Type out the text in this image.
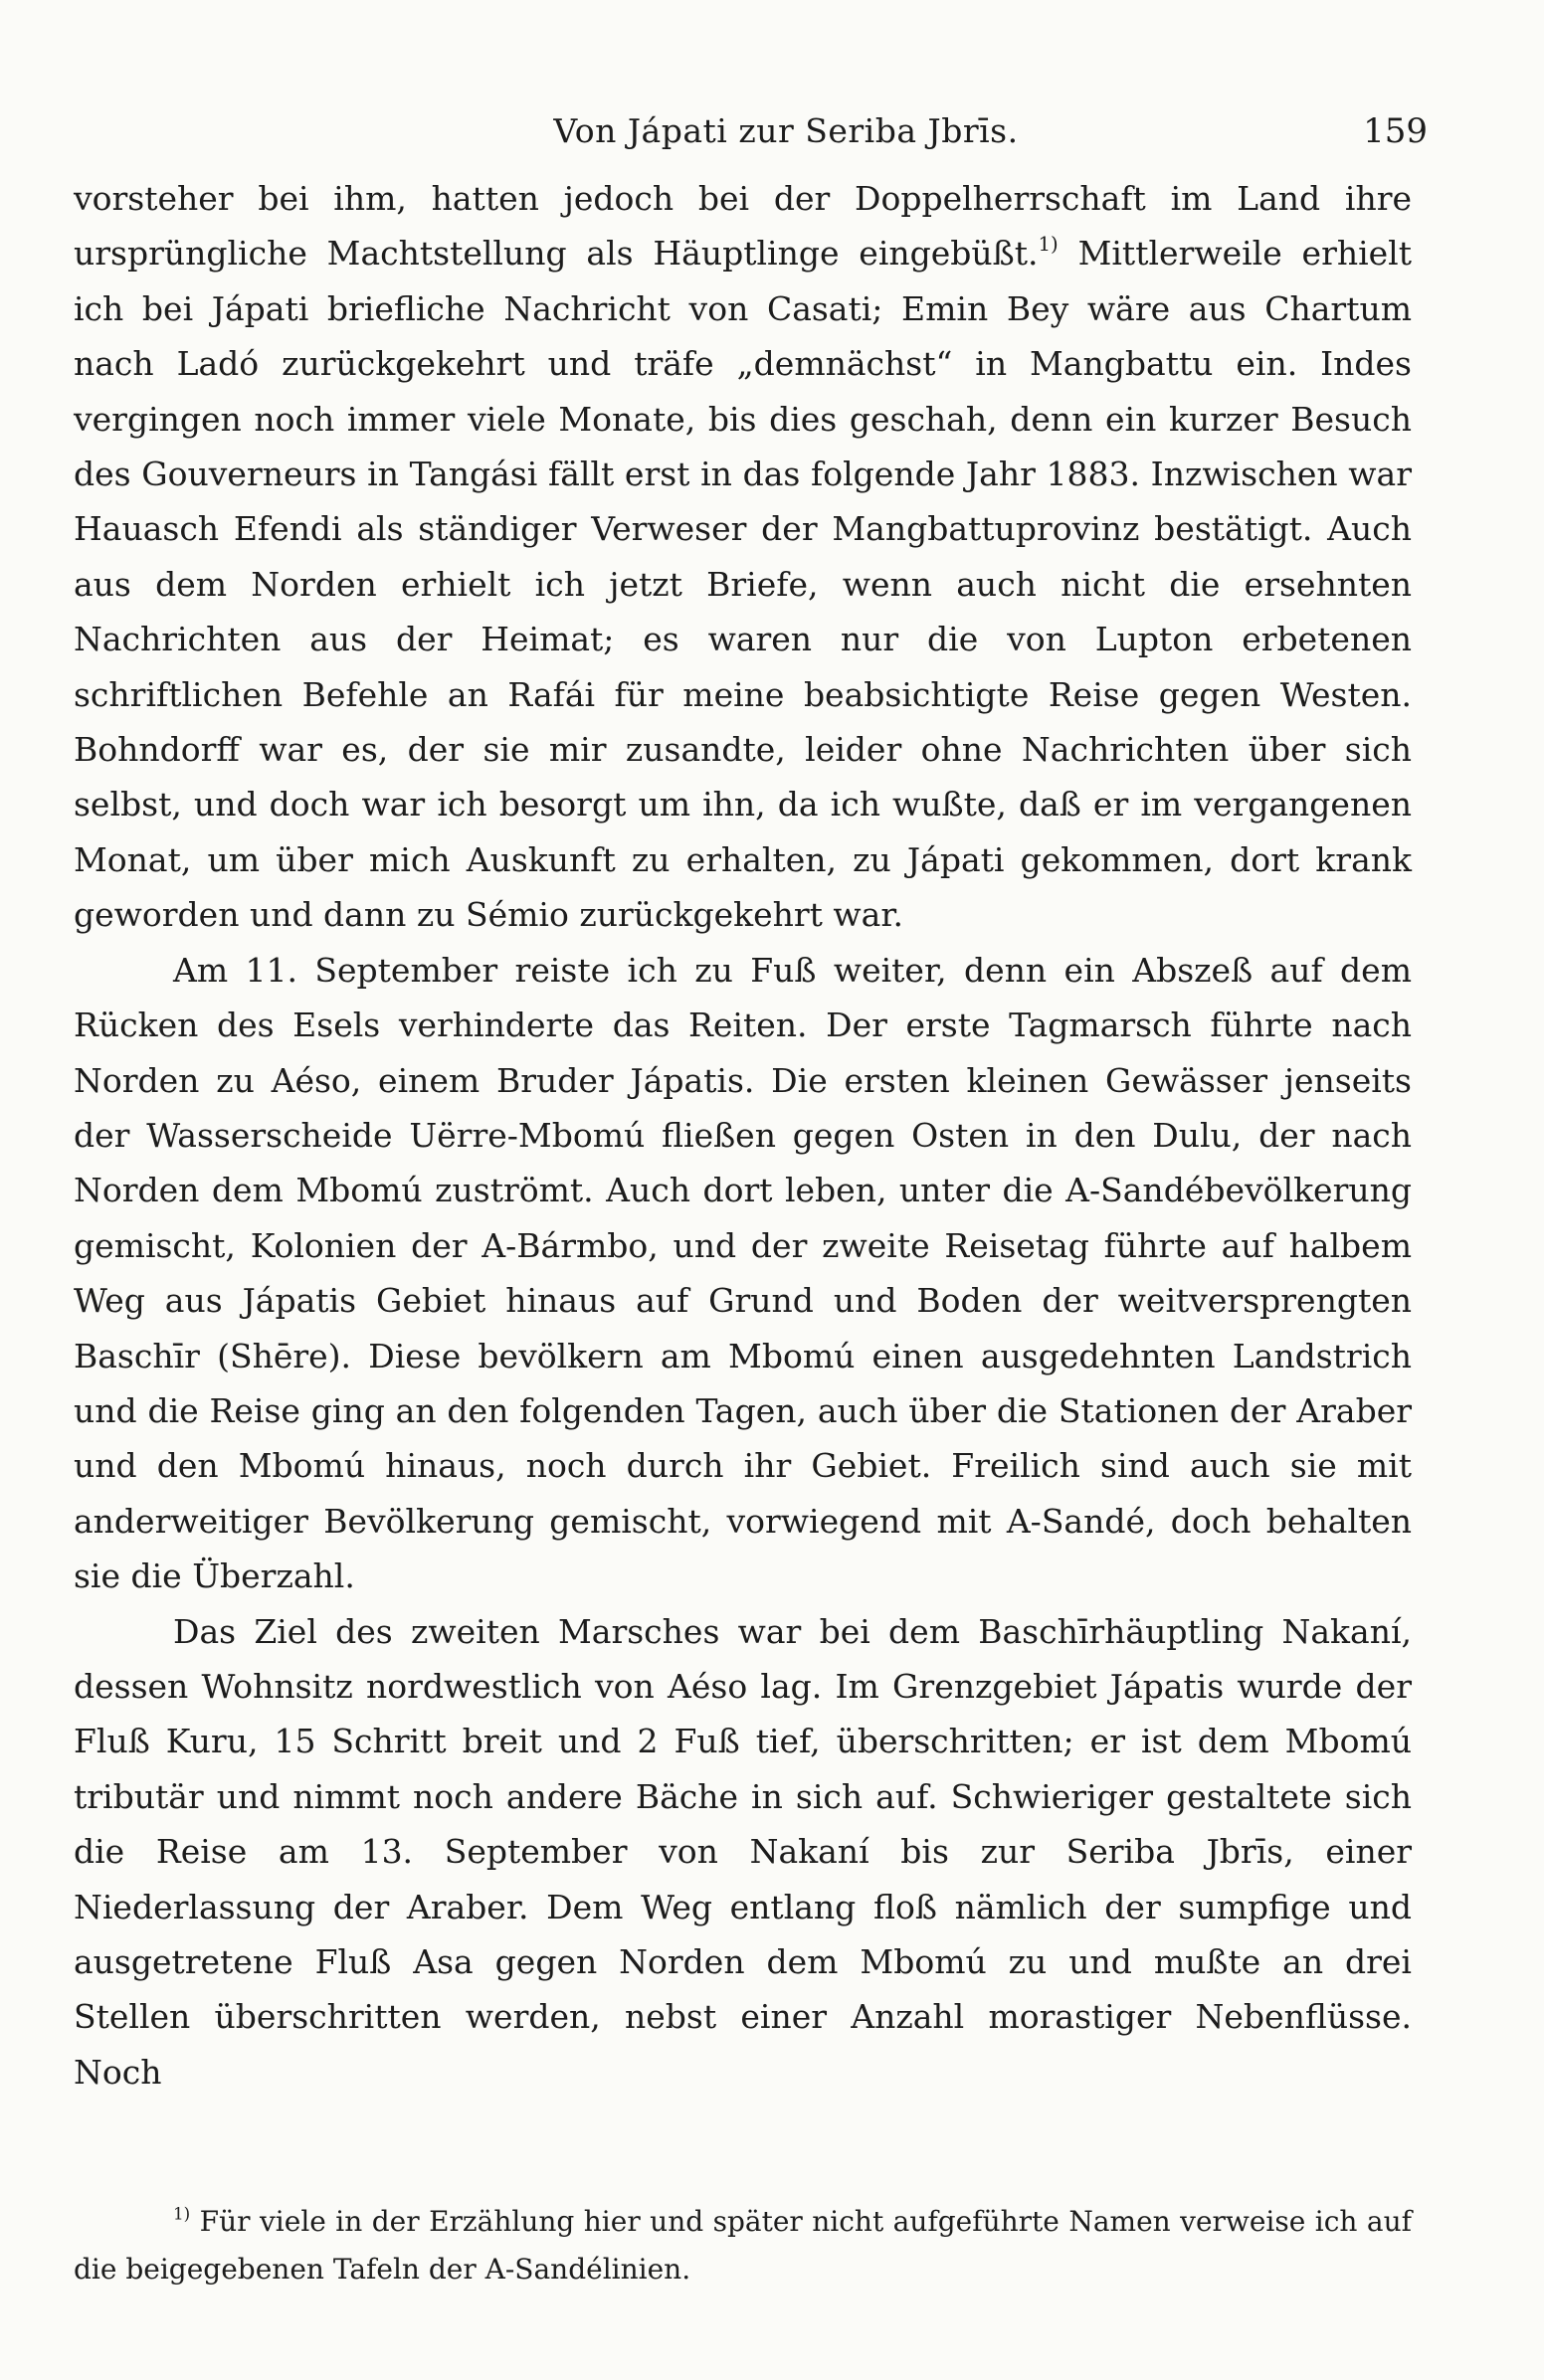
Von Jápati zur Seriba Jbrīs.	159

vorsteher bei ihm, hatten jedoch bei der Doppelherrschaft im Land ihre ursprüngliche Machtstellung als Häuptlinge eingebüßt.$^{1)}$ Mittlerweile erhielt ich bei Jápati briefliche Nachricht von Casati; Emin Bey wäre aus Chartum nach Ladó zurückgekehrt und träfe „demnächst“ in Mangbattu ein. Indes vergingen noch immer viele Monate, bis dies geschah, denn ein kurzer Besuch des Gouverneurs in Tangási fällt erst in das folgende Jahr 1883. Inzwischen war Hauasch Efendi als ständiger Verweser der Mangbattuprovinz bestätigt. Auch aus dem Norden erhielt ich jetzt Briefe, wenn auch nicht die ersehnten Nachrichten aus der Heimat; es waren nur die von Lupton erbetenen schriftlichen Befehle an Rafái für meine beabsichtigte Reise gegen Westen. Bohndorff war es, der sie mir zusandte, leider ohne Nachrichten über sich selbst, und doch war ich besorgt um ihn, da ich wußte, daß er im vergangenen Monat, um über mich Auskunft zu erhalten, zu Jápati gekommen, dort krank geworden und dann zu Sémio zurückgekehrt war.

Am 11. September reiste ich zu Fuß weiter, denn ein Abszeß auf dem Rücken des Esels verhinderte das Reiten. Der erste Tagmarsch führte nach Norden zu Aéso, einem Bruder Jápatis. Die ersten kleinen Gewässer jenseits der Wasserscheide Uërre-Mbomú fließen gegen Osten in den Dulu, der nach Norden dem Mbomú zuströmt. Auch dort leben, unter die A-Sandébevölkerung gemischt, Kolonien der A-Bármbo, und der zweite Reisetag führte auf halbem Weg aus Jápatis Gebiet hinaus auf Grund und Boden der weitversprengten Baschīr (Shēre). Diese bevölkern am Mbomú einen ausgedehnten Landstrich und die Reise ging an den folgenden Tagen, auch über die Stationen der Araber und den Mbomú hinaus, noch durch ihr Gebiet. Freilich sind auch sie mit anderweitiger Bevölkerung gemischt, vorwiegend mit A-Sandé, doch behalten sie die Überzahl.

Das Ziel des zweiten Marsches war bei dem Baschīrhäuptling Nakaní, dessen Wohnsitz nordwestlich von Aéso lag. Im Grenzgebiet Jápatis wurde der Fluß Kuru, 15 Schritt breit und 2 Fuß tief, überschritten; er ist dem Mbomú tributär und nimmt noch andere Bäche in sich auf. Schwieriger gestaltete sich die Reise am 13. September von Nakaní bis zur Seriba Jbrīs, einer Niederlassung der Araber. Dem Weg entlang floß nämlich der sumpfige und ausgetretene Fluß Asa gegen Norden dem Mbomú zu und mußte an drei Stellen überschritten werden, nebst einer Anzahl morastiger Nebenflüsse. Noch

$^{1)}$ Für viele in der Erzählung hier und später nicht aufgeführte Namen verweise ich auf die beigegebenen Tafeln der A-Sandélinien.
